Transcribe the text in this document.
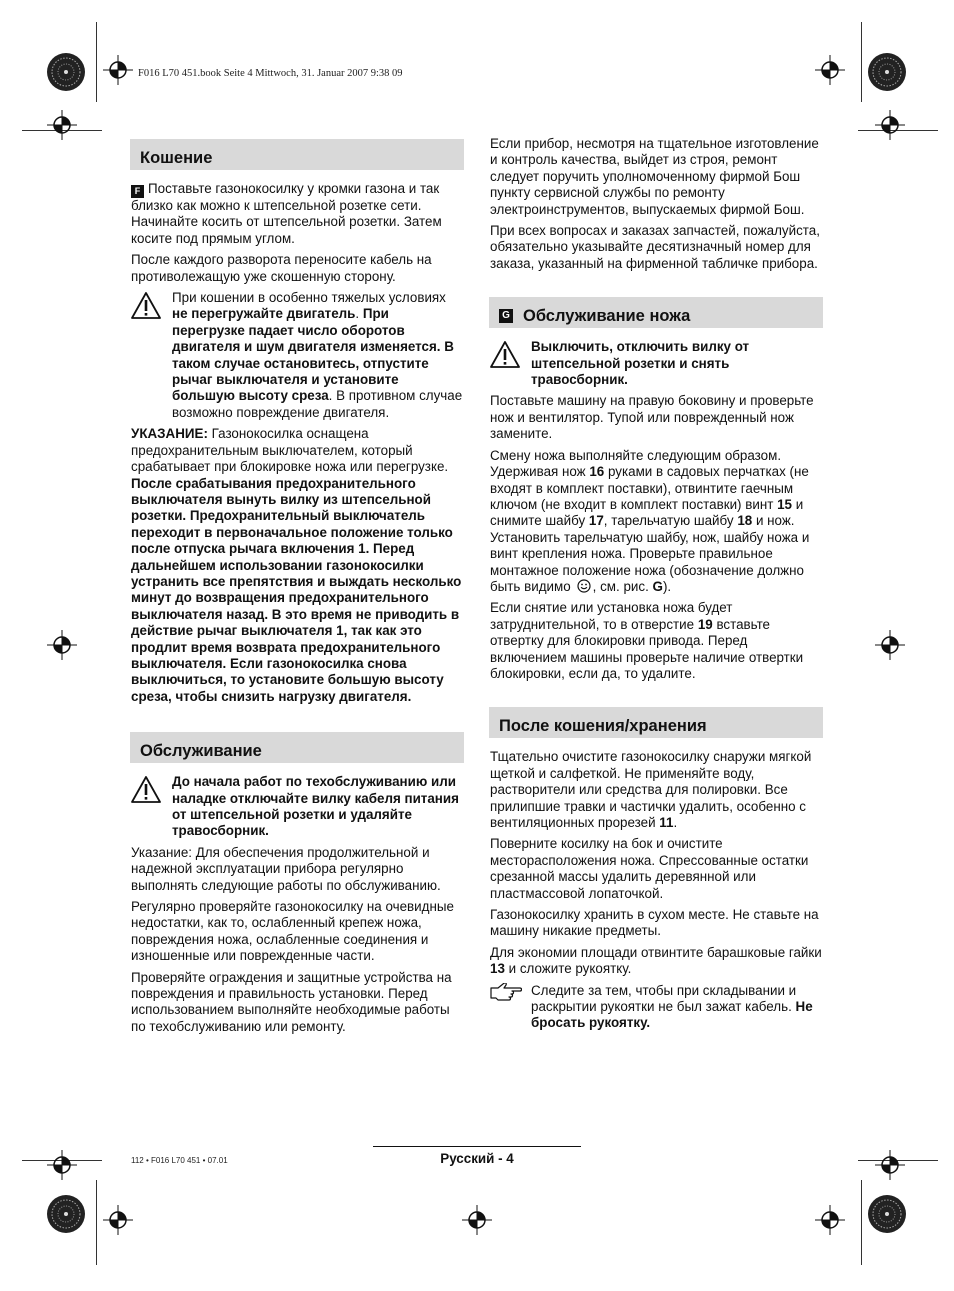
F016 L70 451.book Seite 4 Mittwoch, 31. Januar 2007 9:38 09
Кошение

F Поставьте газонокосилку у кромки газона и так близко как можно к штепсельной розетке сети. Начинайте косить от штепсельной розетки. Затем косите под прямым углом.

После каждого разворота переносите кабель на противолежащую уже скошенную сторону.

При кошении в особенно тяжелых условиях не перегружайте двигатель. При перегрузке падает число оборотов двигателя и шум двигателя изменяется. В таком случае остановитесь, отпустите рычаг выключателя и установите большую высоту среза. В противном случае возможно повреждение двигателя.

УКАЗАНИЕ: Газонокосилка оснащена предохранительным выключателем, который срабатывает при блокировке ножа или перегрузке. После срабатывания предохранительного выключателя вынуть вилку из штепсельной розетки. Предохранительный выключатель переходит в первоначальное положение только после отпуска рычага включения 1. Перед дальнейшем использовании газонокосилки устранить все препятствия и выждать несколько минут до возвращения предохранительного выключателя назад. В это время не приводить в действие рычаг выключателя 1, так как это продлит время возврата предохранительного выключателя. Если газонокосилка снова выключиться, то установите большую высоту среза, чтобы снизить нагрузку двигателя.

Обслуживание
До начала работ по техобслуживанию или наладке отключайте вилку кабеля питания от штепсельной розетки и удаляйте травосборник.

Указание: Для обеспечения продолжительной и надежной эксплуатации прибора регулярно выполнять следующие работы по обслуживанию.

Регулярно проверяйте газонокосилку на очевидные недостатки, как то, ослабленный крепеж ножа, повреждения ножа, ослабленные соединения и изношенные или поврежденные части.

Проверяйте ограждения и защитные устройства на повреждения и правильность установки. Перед использованием выполняйте необходимые работы по техобслуживанию или ремонту.

Если прибор, несмотря на тщательное изготовление и контроль качества, выйдет из строя, ремонт следует поручить уполномоченному фирмой Бош пункту сервисной службы по ремонту электроинструментов, выпускаемых фирмой Бош.

При всех вопросах и заказах запчастей, пожалуйста, обязательно указывайте десятизначный номер для заказа, указанный на фирменной табличке прибора.

G Обслуживание ножа
Выключить, отключить вилку от штепсельной розетки и снять травосборник.

Поставьте машину на правую боковину и проверьте нож и вентилятор. Тупой или поврежденный нож замените.

Смену ножа выполняйте следующим образом. Удерживая нож 16 руками в садовых перчатках (не входят в комплект поставки), отвинтите гаечным ключом (не входит в комплект поставки) винт 15 и снимите шайбу 17, тарельчатую шайбу 18 и нож. Установить тарельчатую шайбу, нож, шайбу ножа и винт крепления ножа. Проверьте правильное монтажное положение ножа (обозначение должно быть видимо , см. рис. G).

Если снятие или установка ножа будет затруднительной, то в отверстие 19 вставьте отвертку для блокировки привода. Перед включением машины проверьте наличие отвертки блокировки, если да, то удалите.

После кошения/хранения

Тщательно очистите газонокосилку снаружи мягкой щеткой и салфеткой. Не применяйте воду, растворители или средства для полировки. Все прилипшие травки и частички удалить, особенно с вентиляционных прорезей 11.

Поверните косилку на бок и очистите месторасположения ножа. Спрессованные остатки срезанной массы удалить деревянной или пластмассовой лопаточкой.

Газонокосилку хранить в сухом месте. Не ставьте на машину никакие предметы.

Для экономии площади отвинтите барашковые гайки 13 и сложите рукоятку.

Следите за тем, чтобы при складывании и раскрытии рукоятки не был зажат кабель. Не бросать рукоятку.
112 • F016 L70 451 • 07.01	Русский - 4
